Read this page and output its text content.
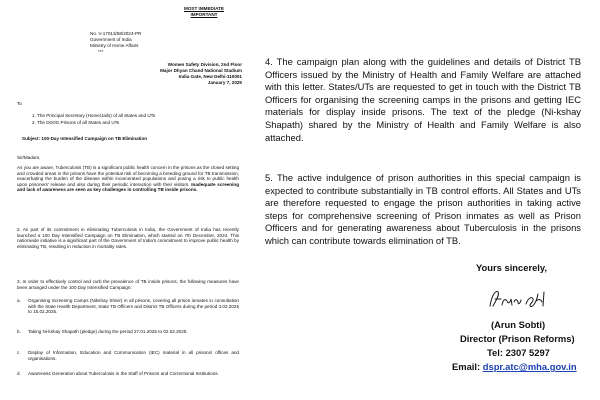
MOST IMMEDIATE
IMPORTANT
No. V-17013/58/2024-PR
Government of India
Ministry of Home Affairs
***
Women Safety Division, 2nd Floor
Major Dhyan Chand National Stadium
India Gate, New Delhi-110001
January 7, 2025
To
1. The Principal Secretary (Home/Jails) of all States and UTs
2. The DG/IG Prisons of all States and UTs
Subject: 100-Day Intensified Campaign on TB Elimination
Sir/Madam,
As you are aware, Tuberculosis (TB) is a significant public health concern in the prisons as the closed setting and crowded areas in the prisons have the potential risk of becoming a breeding ground for TB transmission, exacerbating the burden of the disease within incarcerated populations and posing a risk to public health upon prisoners' release and also during their periodic interaction with their visitors. Inadequate screening and lack of awareness are seen as key challenges in controlling TB inside prisons.
2. As part of its commitment in eliminating Tuberculosis in India, the Government of India has recently launched a 100 Day Intensified Campaign on TB Elimination, which started on 7th December, 2024. This nationwide initiative is a significant part of the Government of India's commitment to improve public health by eliminating TB, resulting in reduction in mortality rates.
3. In order to effectively control and curb the prevalence of TB inside prisons, the following measures have been arranged under the 100 Day Intensified Campaign:
a. Organising Screening Camps (Nikshay Shivir) in all prisons, covering all prison inmates in consultation with the State Health Department, State TB Officers and District TB Officers during the period 3.02.2025 to 15.02.2025.
b. Taking Ni-kshay Shapath (pledge) during the period 27.01.2025 to 02.02.2025.
c. Display of Information, Education and Communication (IEC) material in all prisons/ offices and organisations.
d. Awareness Generation about Tuberculosis in the Staff of Prisons and Correctional Institutions.
4. The campaign plan along with the guidelines and details of District TB Officers issued by the Ministry of Health and Family Welfare are attached with this letter. States/UTs are requested to get in touch with the District TB Officers for organising the screening camps in the prisons and getting IEC materials for display inside prisons. The text of the pledge (Ni-kshay Shapath) shared by the Ministry of Health and Family Welfare is also attached.
5. The active indulgence of prison authorities in this special campaign is expected to contribute substantially in TB control efforts. All States and UTs are therefore requested to engage the prison authorities in taking active steps for comprehensive screening of Prison inmates as well as Prison Officers and for generating awareness about Tuberculosis in the prisons which can contribute towards elimination of TB.
Yours sincerely,
(Arun Sobti)
Director (Prison Reforms)
Tel: 2307 5297
Email: dspr.atc@mha.gov.in
